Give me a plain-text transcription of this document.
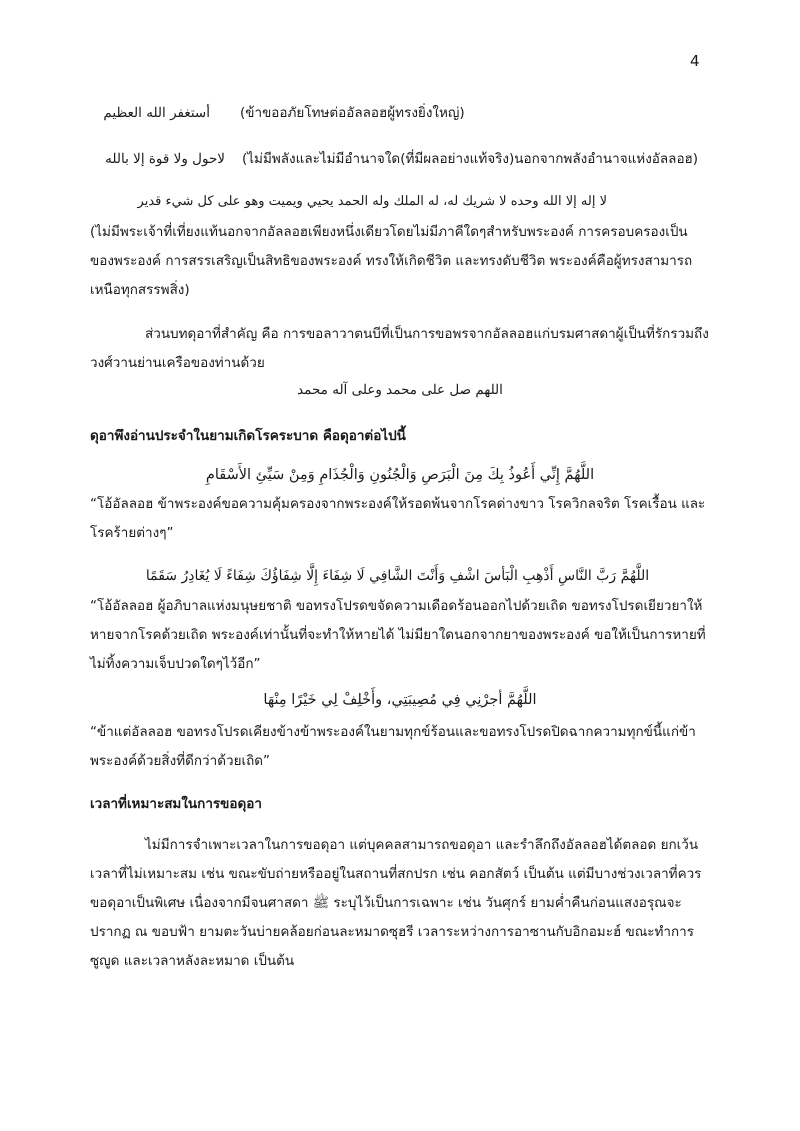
4
أستغفر الله العظيم (ข้าขออภัยโทษต่ออัลลอฮผู้ทรงยิ่งใหญ่)
لاحول ولا قوة إلا بالله (ไม่มีพลังและไม่มีอำนาจใด(ที่มีผลอย่างแท้จริง)นอกจากพลังอำนาจแห่งอัลลอฮ)
لا إله إلا الله وحده لا شريك له، له الملك وله الحمد يحيي ويميت وهو على كل شيء قدير
(ไม่มีพระเจ้าที่เที่ยงแท้นอกจากอัลลอฮเพียงหนึ่งเดียวโดยไม่มีภาคีใดๆสำหรับพระองค์ การครอบครองเป็น
ของพระองค์ การสรรเสริญเป็นสิทธิของพระองค์ ทรงให้เกิดชีวิต และทรงดับชีวิต พระองค์คือผู้ทรงสามารถ
เหนือทุกสรรพสิ่ง)
ส่วนบทดุอาที่สำคัญ คือ การขอลาวาตนบีที่เป็นการขอพรจากอัลลอฮแก่บรมศาสดาผู้เป็นที่รักรวมถึง
วงศ์วานย่านเครือของท่านด้วย
اللهم صل على محمد وعلى آله محمد
ดุอาพึงอ่านประจำในยามเกิดโรคระบาด คือดุอาต่อไปนี้
اللَّهُمَّ إِنِّي أَعُوذُ بِكَ مِنَ الْبَرَصِ وَالْجُنُونِ وَالْجُذَامِ وَمِنْ سَيِّئِ الأَسْقَامِ
“โอ้อัลลอฮ ข้าพระองค์ขอความคุ้มครองจากพระองค์ให้รอดพ้นจากโรคด่างขาว โรควิกลจริต โรคเรื้อน และ
โรคร้ายต่างๆ”
اللَّهُمَّ رَبَّ النَّاسِ أَذْهِبِ الْبَأسَ اشْفِ وَأَنْتَ الشَّافِي لَا شِفَاءَ إِلَّا شِفَاؤُكَ شِفَاءً لَا يُغَادِرُ سَقَمًا
“โอ้อัลลอฮ ผู้อภิบาลแห่งมนุษยชาติ ขอทรงโปรดขจัดความเดือดร้อนออกไปด้วยเถิด ขอทรงโปรดเยียวยาให้
หายจากโรคด้วยเถิด พระองค์เท่านั้นที่จะทำให้หายได้ ไม่มียาใดนอกจากยาของพระองค์ ขอให้เป็นการหายที่
ไม่ทิ้งความเจ็บปวดใดๆไว้อีก”
اللَّهُمَّ أجرْنِي فِي مُصِيبَتِي، وأَخْلِفْ لِي خَيْرًا مِنْهَا
“ข้าแต่อัลลอฮ ขอทรงโปรดเคียงข้างข้าพระองค์ในยามทุกข์ร้อนและขอทรงโปรดปิดฉากความทุกข์นี้แก่ข้า
พระองค์ด้วยสิ่งที่ดีกว่าด้วยเถิด”
เวลาที่เหมาะสมในการขอดุอา
ไม่มีการจำเพาะเวลาในการขอดุอา แต่บุคคลสามารถขอดุอา และรำลึกถึงอัลลอฮได้ตลอด ยกเว้น
เวลาที่ไม่เหมาะสม เช่น ขณะขับถ่ายหรืออยู่ในสถานที่สกปรก เช่น คอกสัตว์ เป็นต้น แต่มีบางช่วงเวลาที่ควร
ขอดุอาเป็นพิเศษ เนื่องจากมีจนศาสดา ﷺ ระบุไว้เป็นการเฉพาะ เช่น วันศุกร์ ยามค่ำคืนก่อนแสงอรุณจะ
ปรากฏ ณ ขอบฟ้า ยามตะวันบ่ายคล้อยก่อนละหมาดซุฮรี เวลาระหว่างการอาซานกับอิกอมะฮ์ ขณะทำการ
ซูญูด และเวลาหลังละหมาด เป็นต้น
